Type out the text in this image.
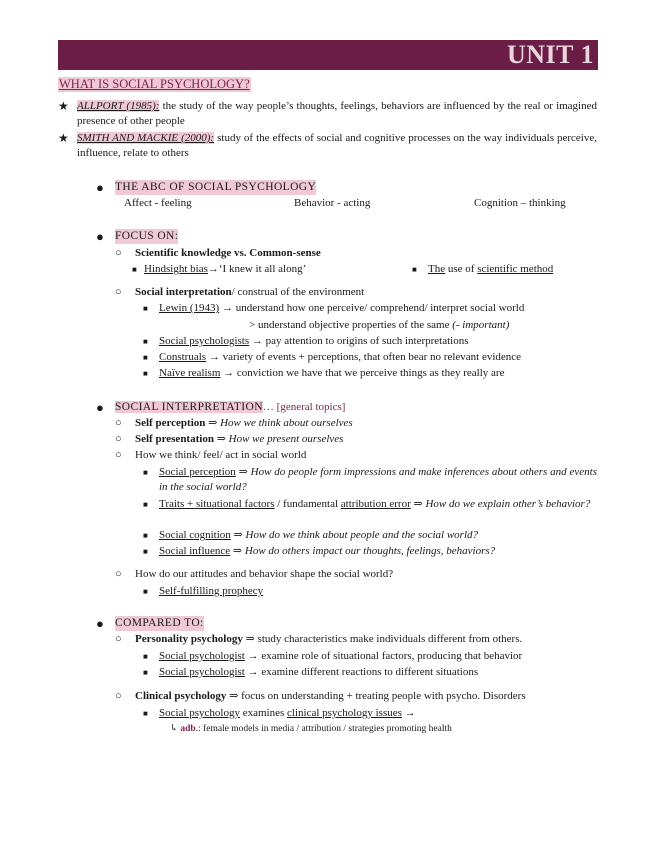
UNIT 1
WHAT IS SOCIAL PSYCHOLOGY?
★ ALLPORT (1985): the study of the way people’s thoughts, feelings, behaviors are influenced by the real or imagined presence of other people
★ SMITH AND MACKIE (2000): study of the effects of social and cognitive processes on the way individuals perceive, influence, relate to others
● THE ABC OF SOCIAL PSYCHOLOGY
Affect - feeling	Behavior - acting	Cognition – thinking
● FOCUS ON:
○ Scientific knowledge vs. Common-sense
■ Hindsight bias→‘I knew it all along’	■ The use of scientific method
○ Social interpretation/ construal of the environment
■ Lewin (1943) → understand how one perceive/ comprehend/ interpret social world
> understand objective properties of the same (- important)
■ Social psychologists → pay attention to origins of such interpretations
■ Construals → variety of events + perceptions, that often bear no relevant evidence
■ Naïve realism → conviction we have that we perceive things as they really are
● SOCIAL INTERPRETATION… [general topics]
○ Self perception ⇒ How we think about ourselves
○ Self presentation ⇒ How we present ourselves
○ How we think/ feel/ act in social world
■ Social perception ⇒ How do people form impressions and make inferences about others and events in the social world?
■ Traits + situational factors / fundamental attribution error ⇒ How do we explain other’s behavior?
■ Social cognition ⇒ How do we think about people and the social world?
■ Social influence ⇒ How do others impact our thoughts, feelings, behaviors?
○ How do our attitudes and behavior shape the social world?
■ Self-fulfilling prophecy
● COMPARED TO:
○ Personality psychology ⇒ study characteristics make individuals different from others.
■ Social psychologist → examine role of situational factors, producing that behavior
■ Social psychologist → examine different reactions to different situations
○ Clinical psychology ⇒ focus on understanding + treating people with psycho. Disorders
■ Social psychology examines clinical psychology issues →
↳ adb.: female models in media / attribution / strategies promoting health
